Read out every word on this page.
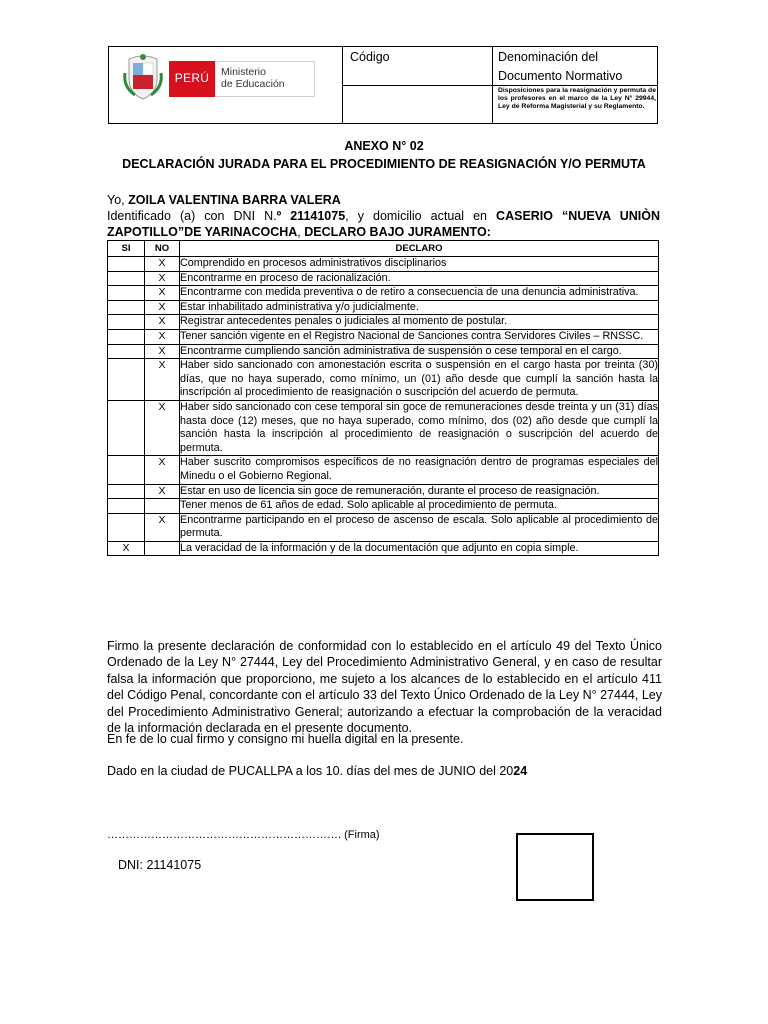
PERÚ	Ministerio
de Educación
Código	Denominación del Documento Normativo
Disposiciones para la reasignación y permuta de los profesores en el marco de la Ley N° 29944, Ley de Reforma Magisterial y su Reglamento.
ANEXO N° 02
DECLARACIÓN JURADA PARA EL PROCEDIMIENTO DE REASIGNACIÓN Y/O PERMUTA
Yo, ZOILA VALENTINA BARRA VALERA
Identificado (a) con DNI N.º 21141075, y domicilio actual en CASERIO “NUEVA UNIÒN
ZAPOTILLO”DE YARINACOCHA, DECLARO BAJO JURAMENTO:
SI	NO	DECLARO
	X	Comprendido en procesos administrativos disciplinarios
	X	Encontrarme en proceso de racionalización.
	X	Encontrarme con medida preventiva o de retiro a consecuencia de una denuncia administrativa.
	X	Estar inhabilitado administrativa y/o judicialmente.
	X	Registrar antecedentes penales o judiciales al momento de postular.
	X	Tener sanción vigente en el Registro Nacional de Sanciones contra Servidores Civiles – RNSSC.
	X	Encontrarme cumpliendo sanción administrativa de suspensión o cese temporal en el cargo.
	X	Haber sido sancionado con amonestación escrita o suspensión en el cargo hasta por treinta (30) días, que no haya superado, como mínimo, un (01) año desde que cumplí la sanción hasta la inscripción al procedimiento de reasignación o suscripción del acuerdo de permuta.
	X	Haber sido sancionado con cese temporal sin goce de remuneraciones desde treinta y un (31) días hasta doce (12) meses, que no haya superado, como mínimo, dos (02) año desde que cumplí la sanción hasta la inscripción al procedimiento de reasignación o suscripción del acuerdo de permuta.
	X	Haber suscrito compromisos específicos de no reasignación dentro de programas especiales del Minedu o el Gobierno Regional.
	X	Estar en uso de licencia sin goce de remuneración, durante el proceso de reasignación.
		Tener menos de 61 años de edad. Solo aplicable al procedimiento de permuta.
	X	Encontrarme participando en el proceso de ascenso de escala. Solo aplicable al procedimiento de permuta.
X		La veracidad de la información y de la documentación que adjunto en copia simple.
Firmo la presente declaración de conformidad con lo establecido en el artículo 49 del Texto Único Ordenado de la Ley N° 27444, Ley del Procedimiento Administrativo General, y en caso de resultar falsa la información que proporciono, me sujeto a los alcances de lo establecido en el artículo 411 del Código Penal, concordante con el artículo 33 del Texto Único Ordenado de la Ley N° 27444, Ley del Procedimiento Administrativo General; autorizando a efectuar la comprobación de la veracidad de la información declarada en el presente documento.
En fe de lo cual firmo y consigno mi huella digital en la presente.
Dado en la ciudad de PUCALLPA a los 10. días del mes de JUNIO del 2024
………………………………………………………. (Firma)
DNI: 21141075
